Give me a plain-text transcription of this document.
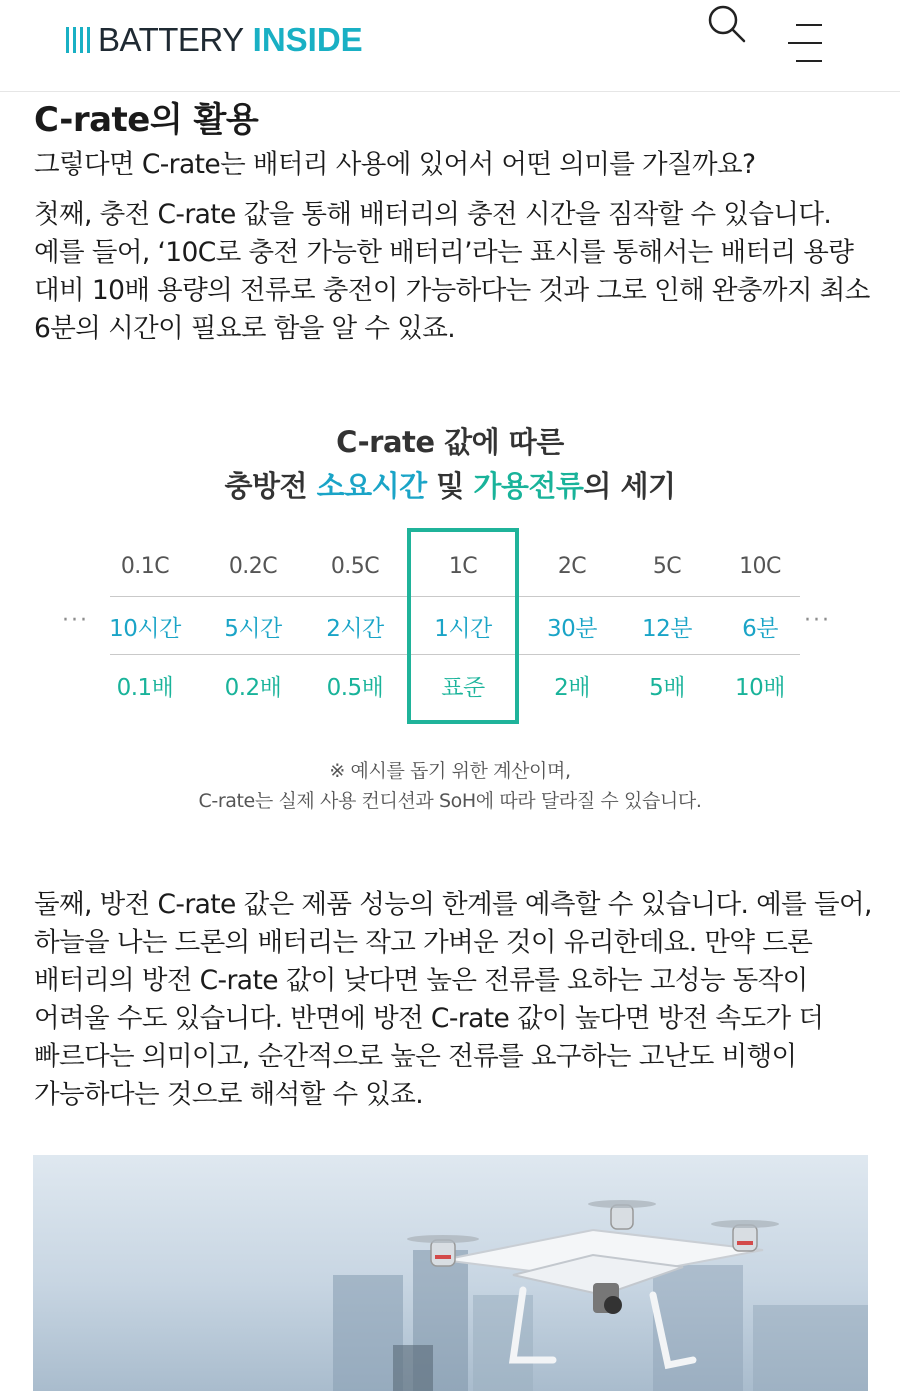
BATTERY INSIDE
C-rate의 활용

그렇다면 C-rate는 배터리 사용에 있어서 어떤 의미를 가질까요?

첫째, 충전 C-rate 값을 통해 배터리의 충전 시간을 짐작할 수 있습니다. 예를 들어, ‘10C로 충전 가능한 배터리’라는 표시를 통해서는 배터리 용량 대비 10배 용량의 전류로 충전이 가능하다는 것과 그로 인해 완충까지 최소 6분의 시간이 필요로 함을 알 수 있죠.

C-rate 값에 따른
충방전 소요시간 및 가용전류의 세기
0.1C	0.2C	0.5C	1C	2C	5C	10C
10시간	5시간	2시간	1시간	30분	12분	6분
0.1배	0.2배	0.5배	표준	2배	5배	10배
···	···
※ 예시를 돕기 위한 계산이며,
C-rate는 실제 사용 컨디션과 SoH에 따라 달라질 수 있습니다.

둘째, 방전 C-rate 값은 제품 성능의 한계를 예측할 수 있습니다. 예를 들어, 하늘을 나는 드론의 배터리는 작고 가벼운 것이 유리한데요. 만약 드론 배터리의 방전 C-rate 값이 낮다면 높은 전류를 요하는 고성능 동작이 어려울 수도 있습니다. 반면에 방전 C-rate 값이 높다면 방전 속도가 더 빠르다는 의미이고, 순간적으로 높은 전류를 요구하는 고난도 비행이 가능하다는 것으로 해석할 수 있죠.
